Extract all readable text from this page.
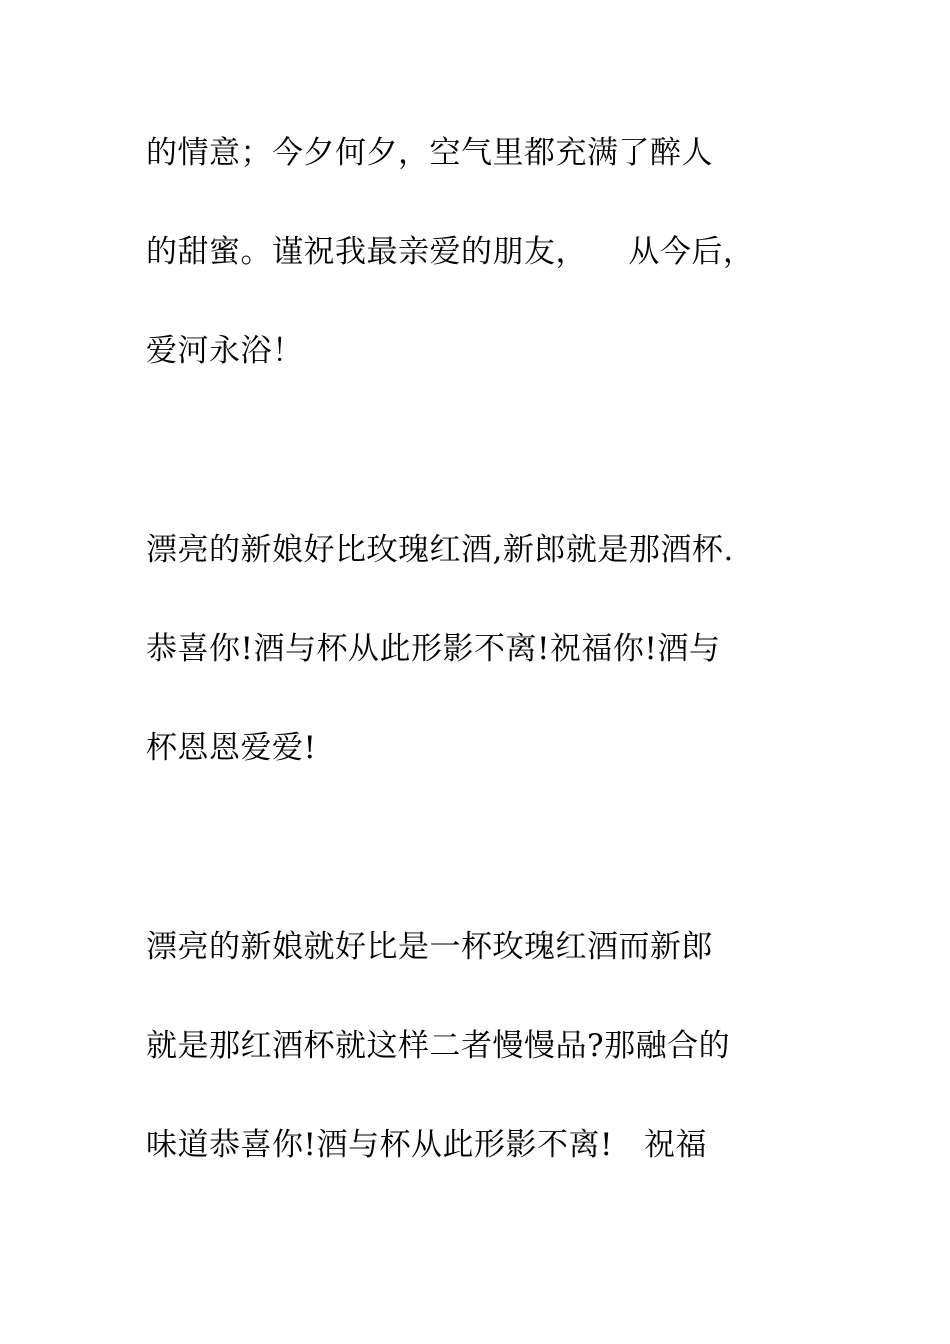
的情意；今夕何夕，空气里都充满了醉人
的甜蜜。谨祝我最亲爱的朋友，    从今后，
爱河永浴！
漂亮的新娘好比玫瑰红酒,新郎就是那酒杯.
恭喜你!酒与杯从此形影不离!祝福你!酒与
杯恩恩爱爱!
漂亮的新娘就好比是一杯玫瑰红酒而新郎
就是那红酒杯就这样二者慢慢品?那融合的
味道恭喜你!酒与杯从此形影不离!   祝福
